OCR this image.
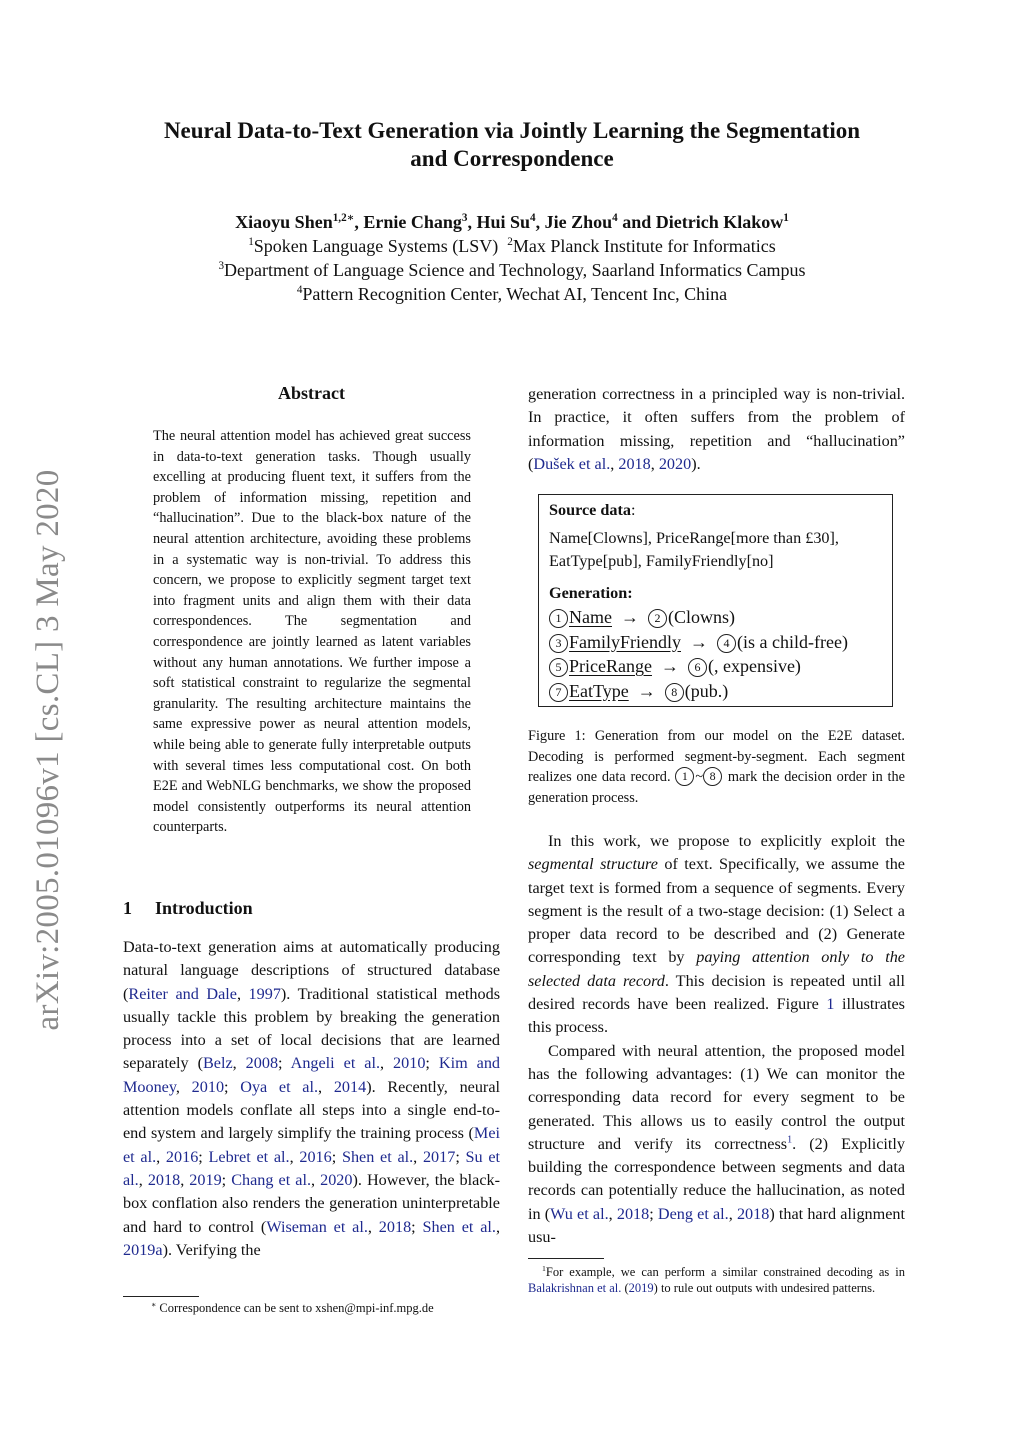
arXiv:2005.01096v1 [cs.CL] 3 May 2020
Neural Data-to-Text Generation via Jointly Learning the Segmentation
and Correspondence
Xiaoyu Shen$^{1,2∗}$, Ernie Chang$^3$, Hui Su$^4$, Jie Zhou$^4$ and Dietrich Klakow$^1$
$^1$Spoken Language Systems (LSV) $^2$Max Planck Institute for Informatics
$^3$Department of Language Science and Technology, Saarland Informatics Campus
$^4$Pattern Recognition Center, Wechat AI, Tencent Inc, China
Abstract
The neural attention model has achieved great success in data-to-text generation tasks. Though usually excelling at producing fluent text, it suffers from the problem of information missing, repetition and “hallucination”. Due to the black-box nature of the neural attention architecture, avoiding these problems in a systematic way is non-trivial. To address this concern, we propose to explicitly segment target text into fragment units and align them with their data correspondences. The segmentation and correspondence are jointly learned as latent variables without any human annotations. We further impose a soft statistical constraint to regularize the segmental granularity. The resulting architecture maintains the same expressive power as neural attention models, while being able to generate fully interpretable outputs with several times less computational cost. On both E2E and WebNLG benchmarks, we show the proposed model consistently outperforms its neural attention counterparts.
1 Introduction

Data-to-text generation aims at automatically producing natural language descriptions of structured database (Reiter and Dale, 1997). Traditional statistical methods usually tackle this problem by breaking the generation process into a set of local decisions that are learned separately (Belz, 2008; Angeli et al., 2010; Kim and Mooney, 2010; Oya et al., 2014). Recently, neural attention models conflate all steps into a single end-to-end system and largely simplify the training process (Mei et al., 2016; Lebret et al., 2016; Shen et al., 2017; Su et al., 2018, 2019; Chang et al., 2020). However, the black-box conflation also renders the generation uninterpretable and hard to control (Wiseman et al., 2018; Shen et al., 2019a). Verifying the

generation correctness in a principled way is non-trivial. In practice, it often suffers from the problem of information missing, repetition and “hallucination” (Dušek et al., 2018, 2020).

Source data:
Name[Clowns], PriceRange[more than £30],
EatType[pub], FamilyFriendly[no]
Generation:
1 Name → 2 (Clowns)
3 FamilyFriendly → 4 (is a child-free)
5 PriceRange → 6 (, expensive)
7 EatType → 8 (pub.)
Figure 1: Generation from our model on the E2E dataset. Decoding is performed segment-by-segment. Each segment realizes one data record. 1 ~ 8 mark the decision order in the generation process.

In this work, we propose to explicitly exploit the segmental structure of text. Specifically, we assume the target text is formed from a sequence of segments. Every segment is the result of a two-stage decision: (1) Select a proper data record to be described and (2) Generate corresponding text by paying attention only to the selected data record. This decision is repeated until all desired records have been realized. Figure 1 illustrates this process.

Compared with neural attention, the proposed model has the following advantages: (1) We can monitor the corresponding data record for every segment to be generated. This allows us to easily control the output structure and verify its correctness$^1$. (2) Explicitly building the correspondence between segments and data records can potentially reduce the hallucination, as noted in (Wu et al., 2018; Deng et al., 2018) that hard alignment usu-

∗ Correspondence can be sent to xshen@mpi-inf.mpg.de
$^1$For example, we can perform a similar constrained decoding as in Balakrishnan et al. (2019) to rule out outputs with undesired patterns.
